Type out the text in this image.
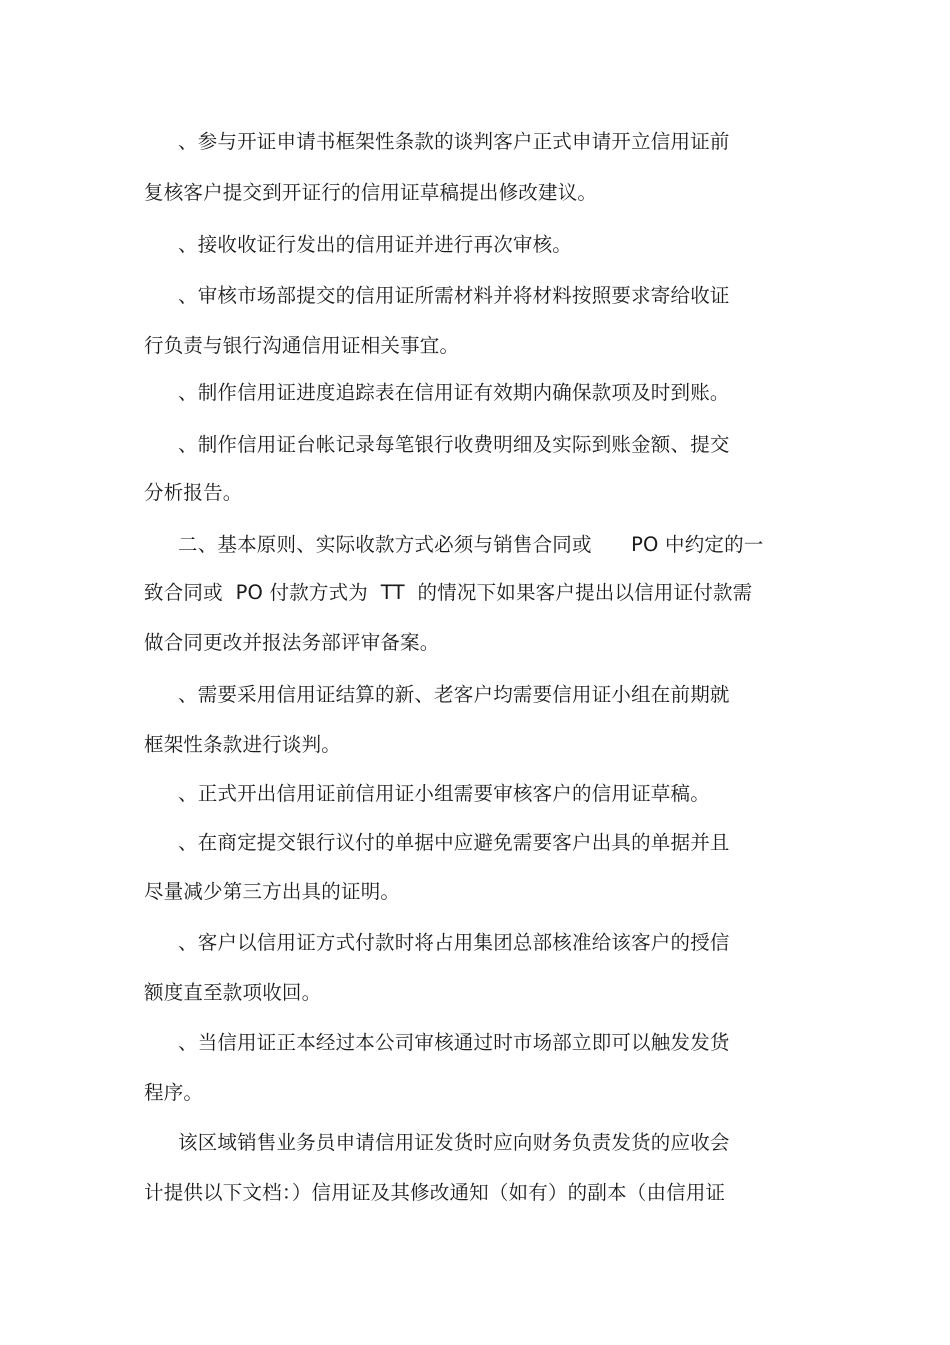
、参与开证申请书框架性条款的谈判客户正式申请开立信用证前
复核客户提交到开证行的信用证草稿提出修改建议。
、接收收证行发出的信用证并进行再次审核。
、审核市场部提交的信用证所需材料并将材料按照要求寄给收证
行负责与银行沟通信用证相关事宜。
、制作信用证进度追踪表在信用证有效期内确保款项及时到账。
、制作信用证台帐记录每笔银行收费明细及实际到账金额、提交
分析报告。
二、基本原则、实际收款方式必须与销售合同或　　PO 中约定的一
致合同或  PO 付款方式为  TT  的情况下如果客户提出以信用证付款需
做合同更改并报法务部评审备案。
、需要采用信用证结算的新、老客户均需要信用证小组在前期就
框架性条款进行谈判。
、正式开出信用证前信用证小组需要审核客户的信用证草稿。
、在商定提交银行议付的单据中应避免需要客户出具的单据并且
尽量减少第三方出具的证明。
、客户以信用证方式付款时将占用集团总部核准给该客户的授信
额度直至款项收回。
、当信用证正本经过本公司审核通过时市场部立即可以触发发货
程序。
该区域销售业务员申请信用证发货时应向财务负责发货的应收会
计提供以下文档：）信用证及其修改通知（如有）的副本（由信用证
